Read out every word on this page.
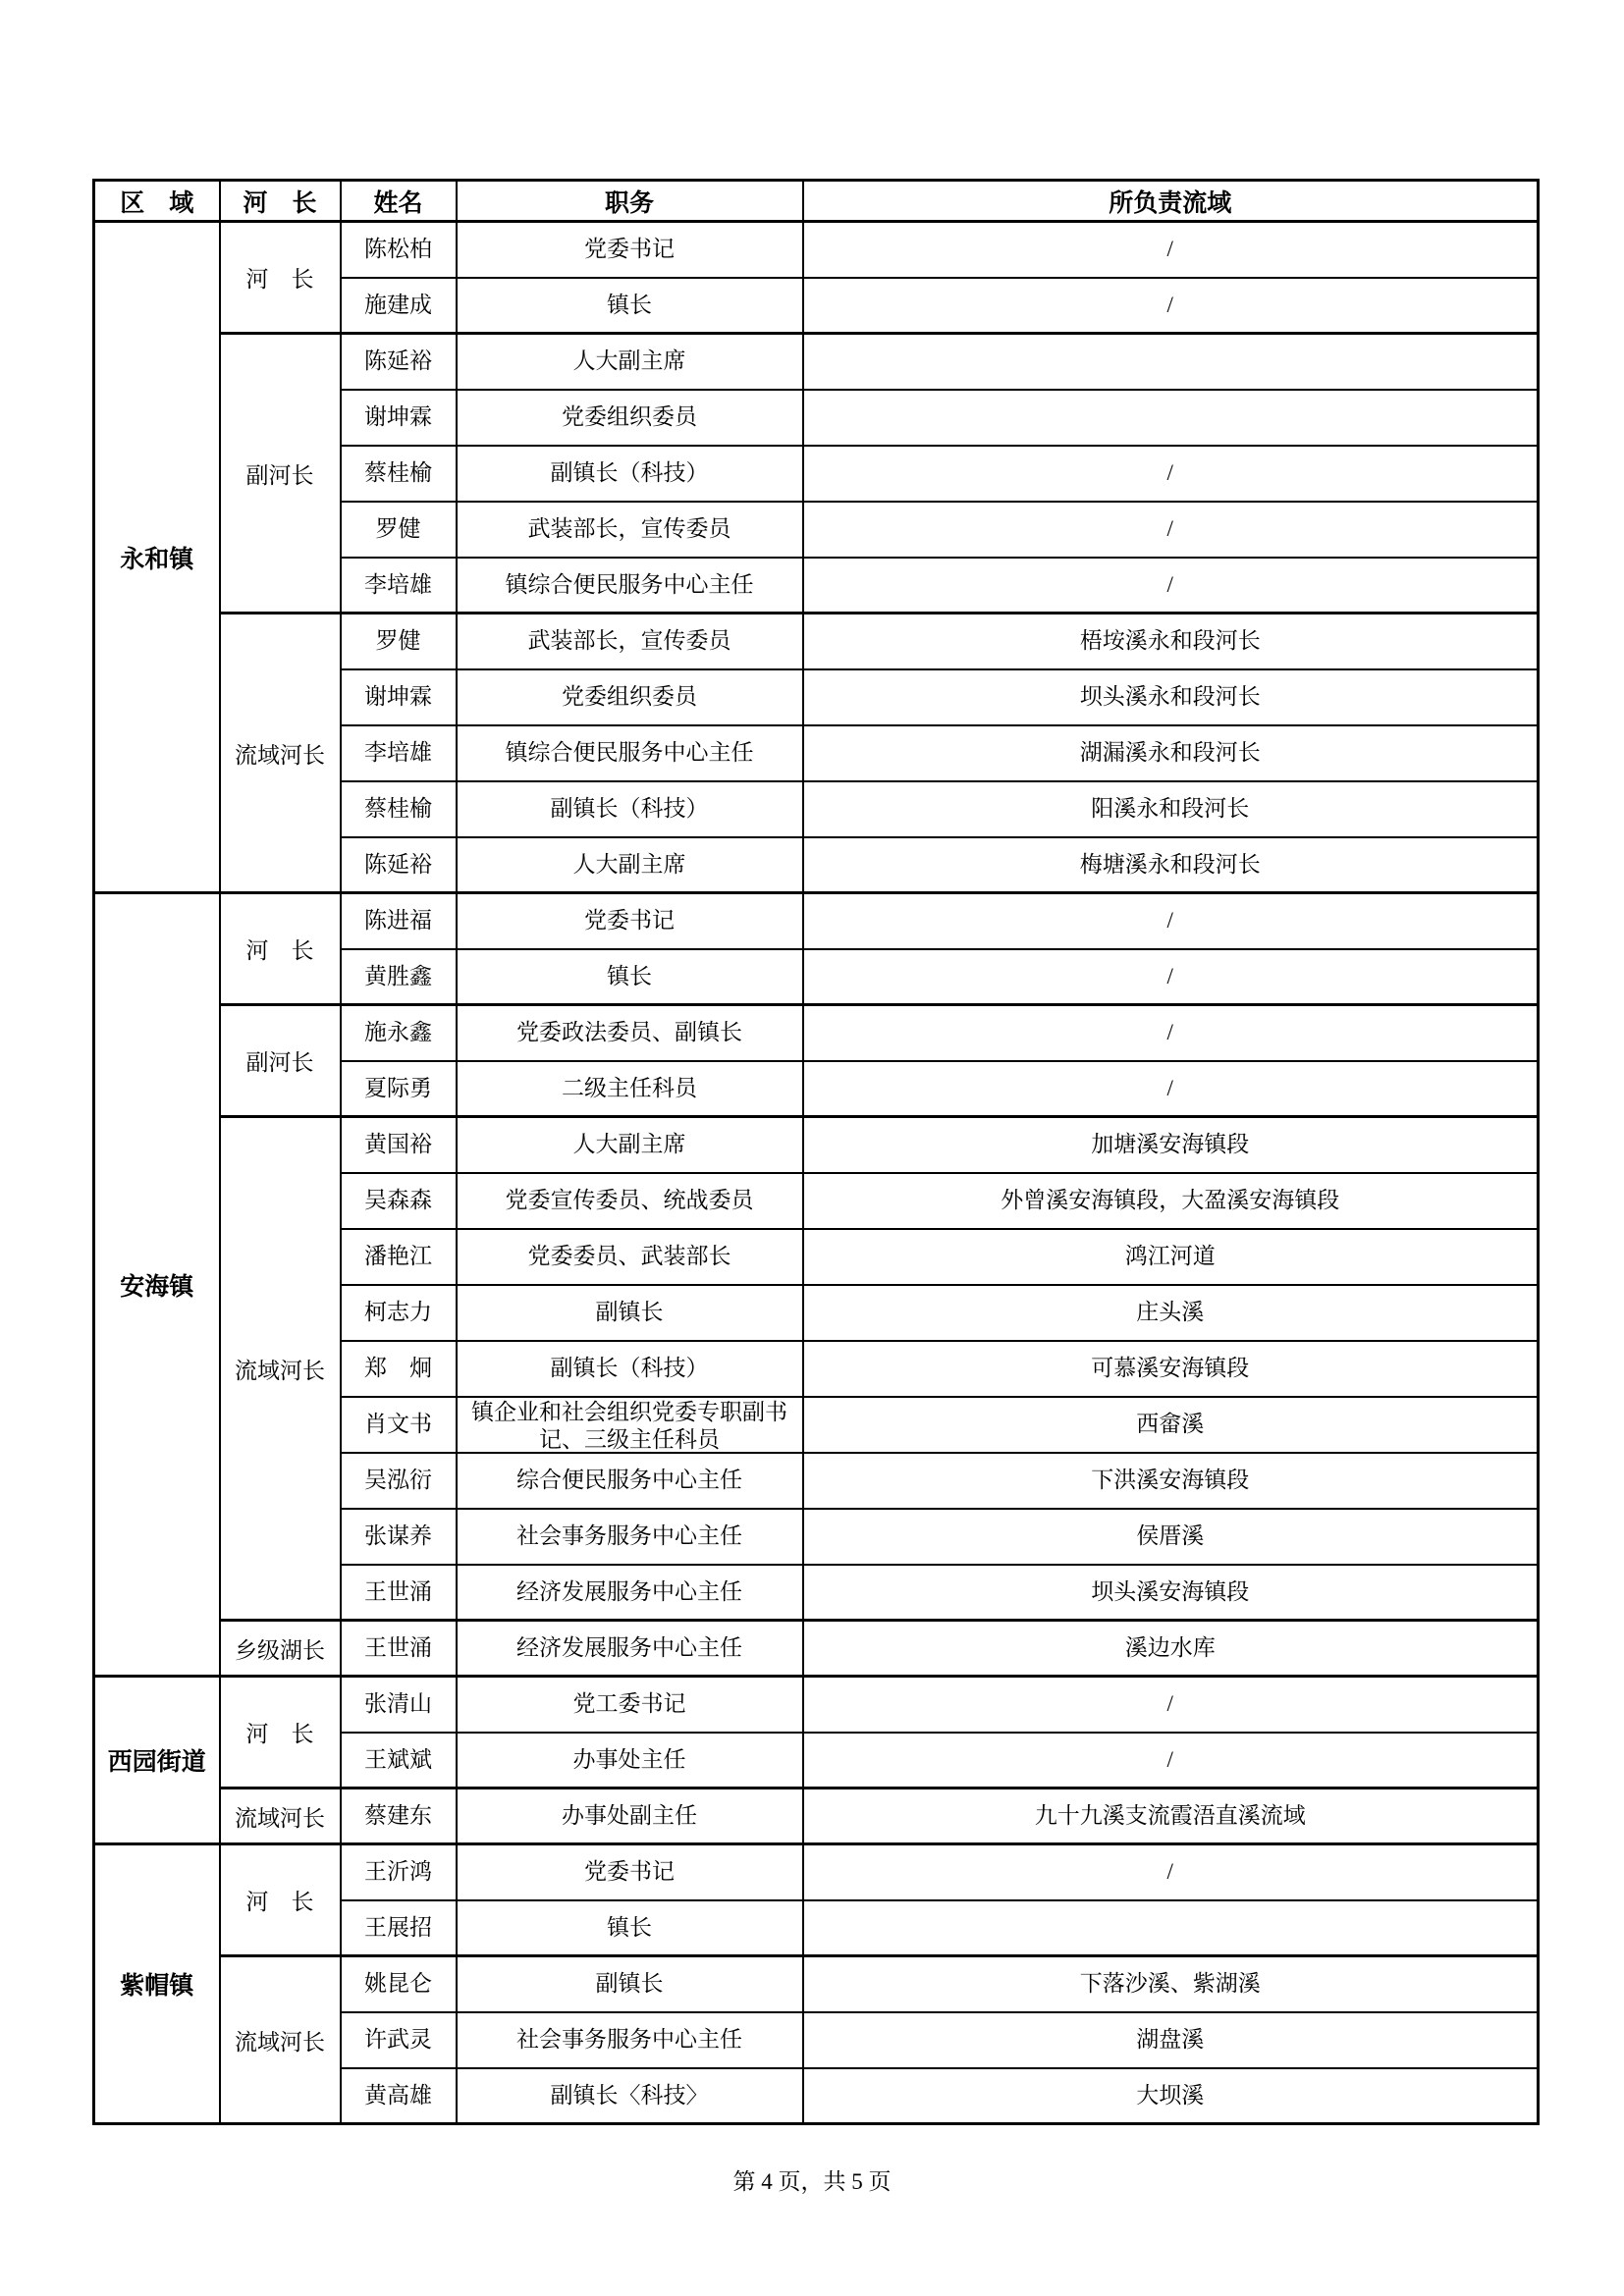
区　域	河　长	姓名	职务	所负责流域
永和镇	河　长	陈松柏	党委书记	/

		施建成	镇长	/

	副河长	陈延裕	人大副主席	

		谢坤霖	党委组织委员	

		蔡桂榆	副镇长（科技）	/

		罗健	武装部长，宣传委员	/

		李培雄	镇综合便民服务中心主任	/

	流域河长	罗健	武装部长，宣传委员	梧垵溪永和段河长

		谢坤霖	党委组织委员	坝头溪永和段河长

		李培雄	镇综合便民服务中心主任	湖漏溪永和段河长

		蔡桂榆	副镇长（科技）	阳溪永和段河长

		陈延裕	人大副主席	梅塘溪永和段河长

安海镇	河　长	陈进福	党委书记	/

		黄胜鑫	镇长	/

	副河长	施永鑫	党委政法委员、副镇长	/

		夏际勇	二级主任科员	/

	流域河长	黄国裕	人大副主席	加塘溪安海镇段

		吴森森	党委宣传委员、统战委员	外曾溪安海镇段，大盈溪安海镇段

		潘艳江	党委委员、武装部长	鸿江河道

		柯志力	副镇长	庄头溪

		郑　炯	副镇长（科技）	可慕溪安海镇段

		肖文书	镇企业和社会组织党委专职副书记、三级主任科员	西畲溪

		吴泓衍	综合便民服务中心主任	下洪溪安海镇段

		张谋养	社会事务服务中心主任	侯厝溪

		王世涌	经济发展服务中心主任	坝头溪安海镇段

	乡级湖长	王世涌	经济发展服务中心主任	溪边水库

西园街道	河　长	张清山	党工委书记	/

		王斌斌	办事处主任	/

	流域河长	蔡建东	办事处副主任	九十九溪支流霞浯直溪流域

紫帽镇	河　长	王沂鸿	党委书记	/

		王展招	镇长	

	流域河长	姚昆仑	副镇长	下落沙溪、紫湖溪

		许武灵	社会事务服务中心主任	湖盘溪

		黄高雄	副镇长〈科技〉	大坝溪
第 4 页，共 5 页
